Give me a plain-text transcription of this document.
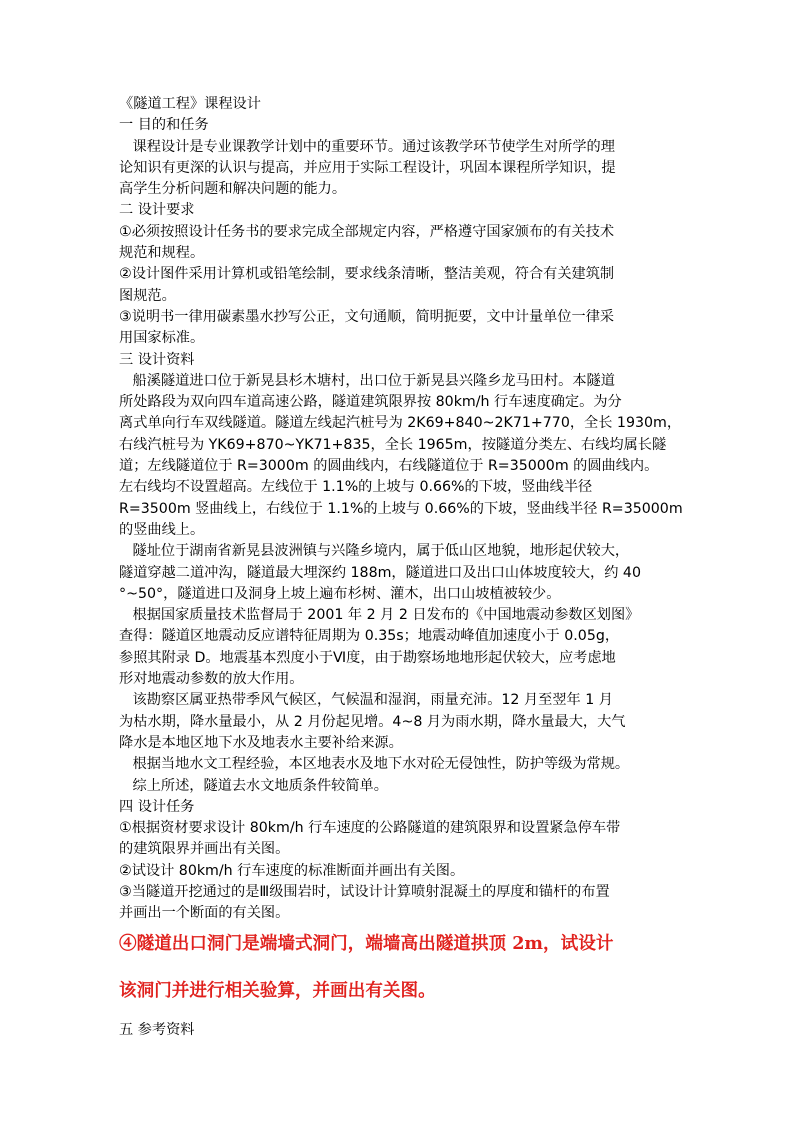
《隧道工程》课程设计

一 目的和任务

课程设计是专业课教学计划中的重要环节。通过该教学环节使学生对所学的理

论知识有更深的认识与提高，并应用于实际工程设计，巩固本课程所学知识，提

高学生分析问题和解决问题的能力。

二 设计要求

①必须按照设计任务书的要求完成全部规定内容，严格遵守国家颁布的有关技术

规范和规程。

②设计图件采用计算机或铅笔绘制，要求线条清晰，整洁美观，符合有关建筑制

图规范。

③说明书一律用碳素墨水抄写公正，文句通顺，简明扼要，文中计量单位一律采

用国家标准。

三 设计资料

船溪隧道进口位于新晃县杉木塘村，出口位于新晃县兴隆乡龙马田村。本隧道

所处路段为双向四车道高速公路，隧道建筑限界按 80km/h 行车速度确定。为分

离式单向行车双线隧道。隧道左线起汽桩号为 2K69+840~2K71+770，全长 1930m，

右线汽桩号为 YK69+870~YK71+835，全长 1965m，按隧道分类左、右线均属长隧

道；左线隧道位于 R=3000m 的圆曲线内，右线隧道位于 R=35000m 的圆曲线内。

左右线均不设置超高。左线位于 1.1%的上坡与 0.66%的下坡，竖曲线半径

R=3500m 竖曲线上，右线位于 1.1%的上坡与 0.66%的下坡，竖曲线半径 R=35000m

的竖曲线上。

隧址位于湖南省新晃县波洲镇与兴隆乡境内，属于低山区地貌，地形起伏较大，

隧道穿越二道冲沟，隧道最大埋深约 188m，隧道进口及出口山体坡度较大，约 40

°~50°，隧道进口及洞身上坡上遍布杉树、灌木，出口山坡植被较少。

根据国家质量技术监督局于 2001 年 2 月 2 日发布的《中国地震动参数区划图》

查得：隧道区地震动反应谱特征周期为 0.35s；地震动峰值加速度小于 0.05g，

参照其附录 D。地震基本烈度小于Ⅵ度，由于勘察场地地形起伏较大，应考虑地

形对地震动参数的放大作用。

该勘察区属亚热带季风气候区，气候温和湿润，雨量充沛。12 月至翌年 1 月

为枯水期，降水量最小，从 2 月份起见增。4~8 月为雨水期，降水量最大，大气

降水是本地区地下水及地表水主要补给来源。

根据当地水文工程经验，本区地表水及地下水对砼无侵蚀性，防护等级为常规。

综上所述，隧道去水文地质条件较简单。

四 设计任务

①根据资材要求设计 80km/h 行车速度的公路隧道的建筑限界和设置紧急停车带

的建筑限界并画出有关图。

②试设计 80km/h 行车速度的标准断面并画出有关图。

③当隧道开挖通过的是Ⅲ级围岩时，试设计计算喷射混凝土的厚度和锚杆的布置

并画出一个断面的有关图。

④隧道出口洞门是端墙式洞门，端墙高出隧道拱顶 2m，试设计

该洞门并进行相关验算，并画出有关图。

五 参考资料
